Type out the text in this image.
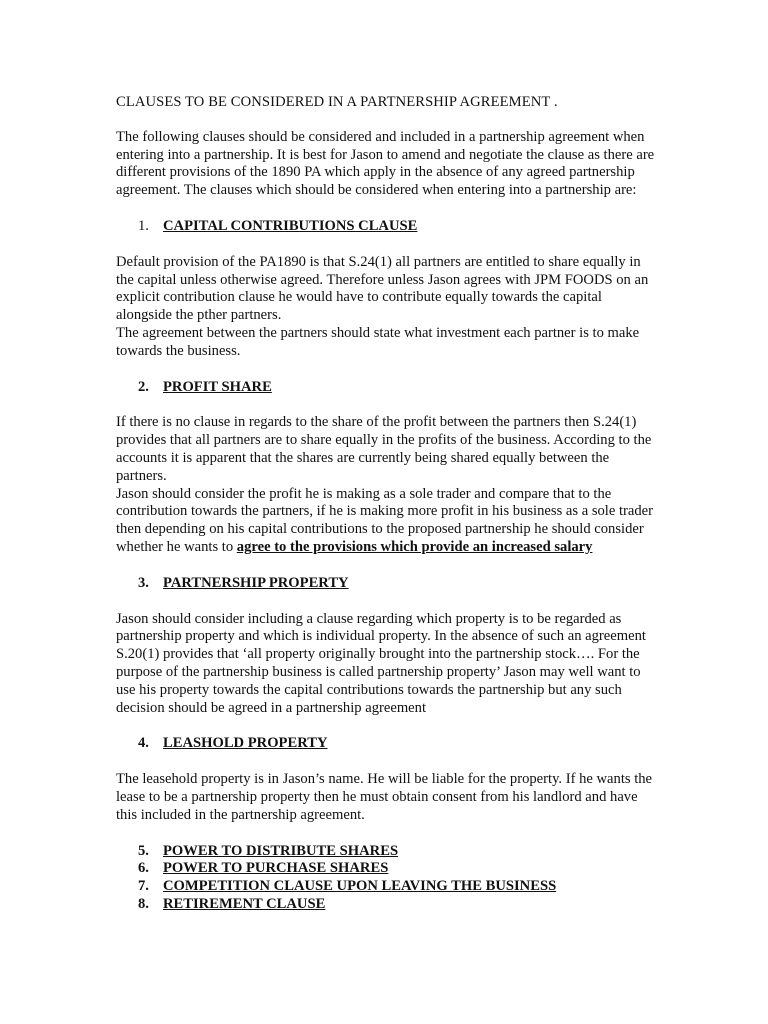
CLAUSES TO BE CONSIDERED IN A PARTNERSHIP AGREEMENT .

The following clauses should be considered and included in a partnership agreement when entering into a partnership. It is best for Jason to amend and negotiate the clause as there are different provisions of the 1890 PA which apply in the absence of any agreed partnership agreement. The clauses which should be considered when entering into a partnership are:

1. CAPITAL CONTRIBUTIONS CLAUSE

Default provision of the PA1890 is that S.24(1) all partners are entitled to share equally in the capital unless otherwise agreed. Therefore unless Jason agrees with JPM FOODS on an explicit contribution clause he would have to contribute equally towards the capital alongside the pther partners.

The agreement between the partners should state what investment each partner is to make towards the business.

2. PROFIT SHARE

If there is no clause in regards to the share of the profit between the partners then S.24(1) provides that all partners are to share equally in the profits of the business. According to the accounts it is apparent that the shares are currently being shared equally between the partners.

Jason should consider the profit he is making as a sole trader and compare that to the contribution towards the partners, if he is making more profit in his business as a sole trader then depending on his capital contributions to the proposed partnership he should consider whether he wants to agree to the provisions which provide an increased salary

3. PARTNERSHIP PROPERTY

Jason should consider including a clause regarding which property is to be regarded as partnership property and which is individual property. In the absence of such an agreement S.20(1) provides that ‘all property originally brought into the partnership stock…. For the purpose of the partnership business is called partnership property’ Jason may well want to use his property towards the capital contributions towards the partnership but any such decision should be agreed in a partnership agreement

4. LEASHOLD PROPERTY

The leasehold property is in Jason’s name. He will be liable for the property. If he wants the lease to be a partnership property then he must obtain consent from his landlord and have this included in the partnership agreement.

5. POWER TO DISTRIBUTE SHARES
6. POWER TO PURCHASE SHARES
7. COMPETITION CLAUSE UPON LEAVING THE BUSINESS
8. RETIREMENT CLAUSE
